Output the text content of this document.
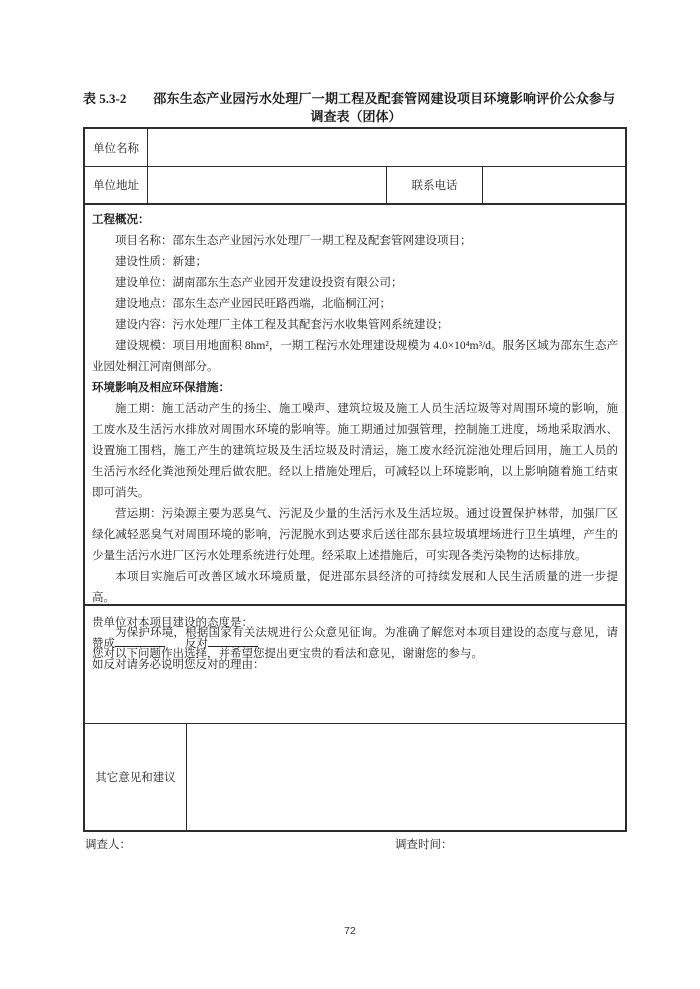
表 5.3-2 邵东生态产业园污水处理厂一期工程及配套管网建设项目环境影响评价公众参与
调查表（团体）
单位名称
单位地址	联系电话
工程概况：
项目名称：邵东生态产业园污水处理厂一期工程及配套管网建设项目；
建设性质：新建；
建设单位：湖南邵东生态产业园开发建设投资有限公司；
建设地点：邵东生态产业园民旺路西端，北临桐江河；
建设内容：污水处理厂主体工程及其配套污水收集管网系统建设；
建设规模：项目用地面积 8hm²，一期工程污水处理建设规模为 4.0×10⁴m³/d。服务区域为邵东生态产业园处桐江河南侧部分。
环境影响及相应环保措施：
施工期：施工活动产生的扬尘、施工噪声、建筑垃圾及施工人员生活垃圾等对周围环境的影响，施工废水及生活污水排放对周围水环境的影响等。施工期通过加强管理，控制施工进度，场地采取洒水、设置施工围档，施工产生的建筑垃圾及生活垃圾及时清运，施工废水经沉淀池处理后回用，施工人员的生活污水经化粪池预处理后做农肥。经以上措施处理后，可减轻以上环境影响，以上影响随着施工结束即可消失。
营运期：污染源主要为恶臭气、污泥及少量的生活污水及生活垃圾。通过设置保护林带，加强厂区绿化减轻恶臭气对周围环境的影响，污泥脱水到达要求后送往邵东县垃圾填埋场进行卫生填埋，产生的少量生活污水进厂区污水处理系统进行处理。经采取上述措施后，可实现各类污染物的达标排放。
本项目实施后可改善区域水环境质量，促进邵东县经济的可持续发展和人民生活质量的进一步提高。
为保护环境，根据国家有关法规进行公众意见征询。为准确了解您对本项目建设的态度与意见，请您对以下问题作出选择，并希望您提出更宝贵的看法和意见，谢谢您的参与。
贵单位对本项目建设的态度是：
赞成	反对
如反对请务必说明您反对的理由：
其它意见和建议
调查人：	调查时间：
72
